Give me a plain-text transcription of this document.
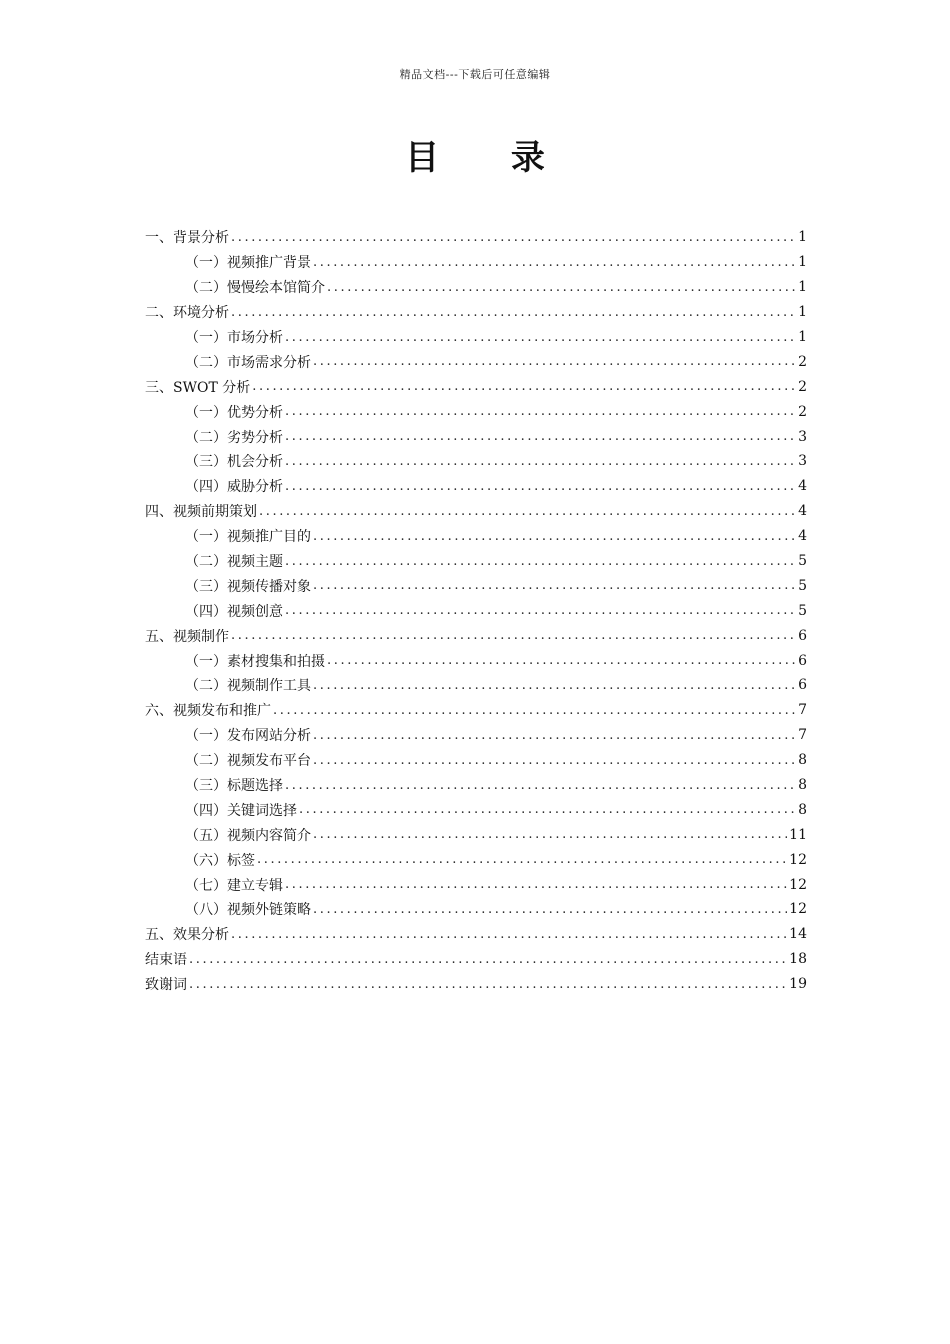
精品文档---下载后可任意编辑
目 录
一、背景分析 .....	1
（一）视频推广背景 .....	1
（二）慢慢绘本馆简介 .....	1
二、环境分析 .....	1
（一）市场分析 .....	1
（二）市场需求分析 .....	2
三、SWOT 分析 .....	2
（一）优势分析 .....	2
（二）劣势分析 .....	3
（三）机会分析 .....	3
（四）威胁分析 .....	4
四、视频前期策划 .....	4
（一）视频推广目的 .....	4
（二）视频主题 .....	5
（三）视频传播对象 .....	5
（四）视频创意 .....	5
五、视频制作 .....	6
（一）素材搜集和拍摄 .....	6
（二）视频制作工具 .....	6
六、视频发布和推广 .....	7
（一）发布网站分析 .....	7
（二）视频发布平台 .....	8
（三）标题选择 .....	8
（四）关键词选择 .....	8
（五）视频内容简介 .....	11
（六）标签 .....	12
（七）建立专辑 .....	12
（八）视频外链策略 .....	12
五、效果分析 .....	14
结束语 .....	18
致谢词 .....	19
